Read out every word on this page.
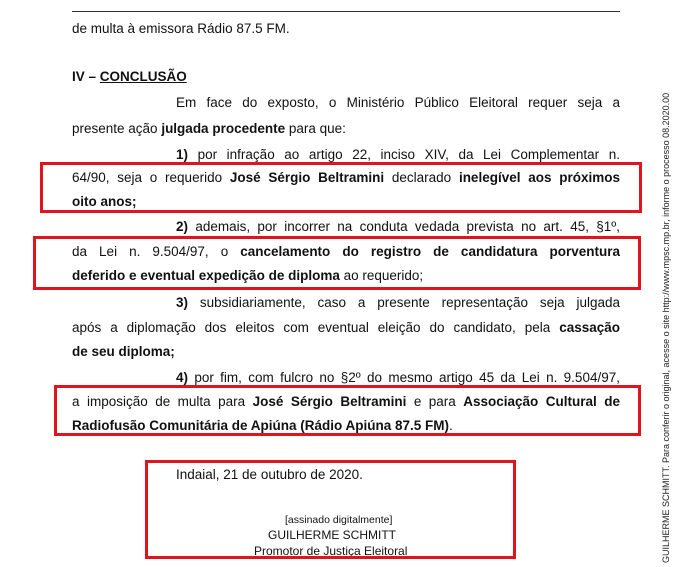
de multa à emissora Rádio 87.5 FM.
IV – CONCLUSÃO
Em face do exposto, o Ministério Público Eleitoral requer seja a
presente ação julgada procedente para que:
1) por infração ao artigo 22, inciso XIV, da Lei Complementar n.
64/90, seja o requerido José Sérgio Beltramini declarado inelegível aos próximos
oito anos;
2) ademais, por incorrer na conduta vedada prevista no art. 45, §1º,
da Lei n. 9.504/97, o cancelamento do registro de candidatura porventura
deferido e eventual expedição de diploma ao requerido;
3) subsidiariamente, caso a presente representação seja julgada
após a diplomação dos eleitos com eventual eleição do candidato, pela cassação
de seu diploma;
4) por fim, com fulcro no §2º do mesmo artigo 45 da Lei n. 9.504/97,
a imposição de multa para José Sérgio Beltramini e para Associação Cultural de
Radiofusão Comunitária de Apiúna (Rádio Apiúna 87.5 FM).
Indaial, 21 de outubro de 2020.
[assinado digitalmente]
GUILHERME SCHMITT
Promotor de Justiça Eleitoral	GUILHERME SCHMITT. Para conferir o original, acesse o site http://www.mpsc.mp.br, informe o processo 08.2020.00
